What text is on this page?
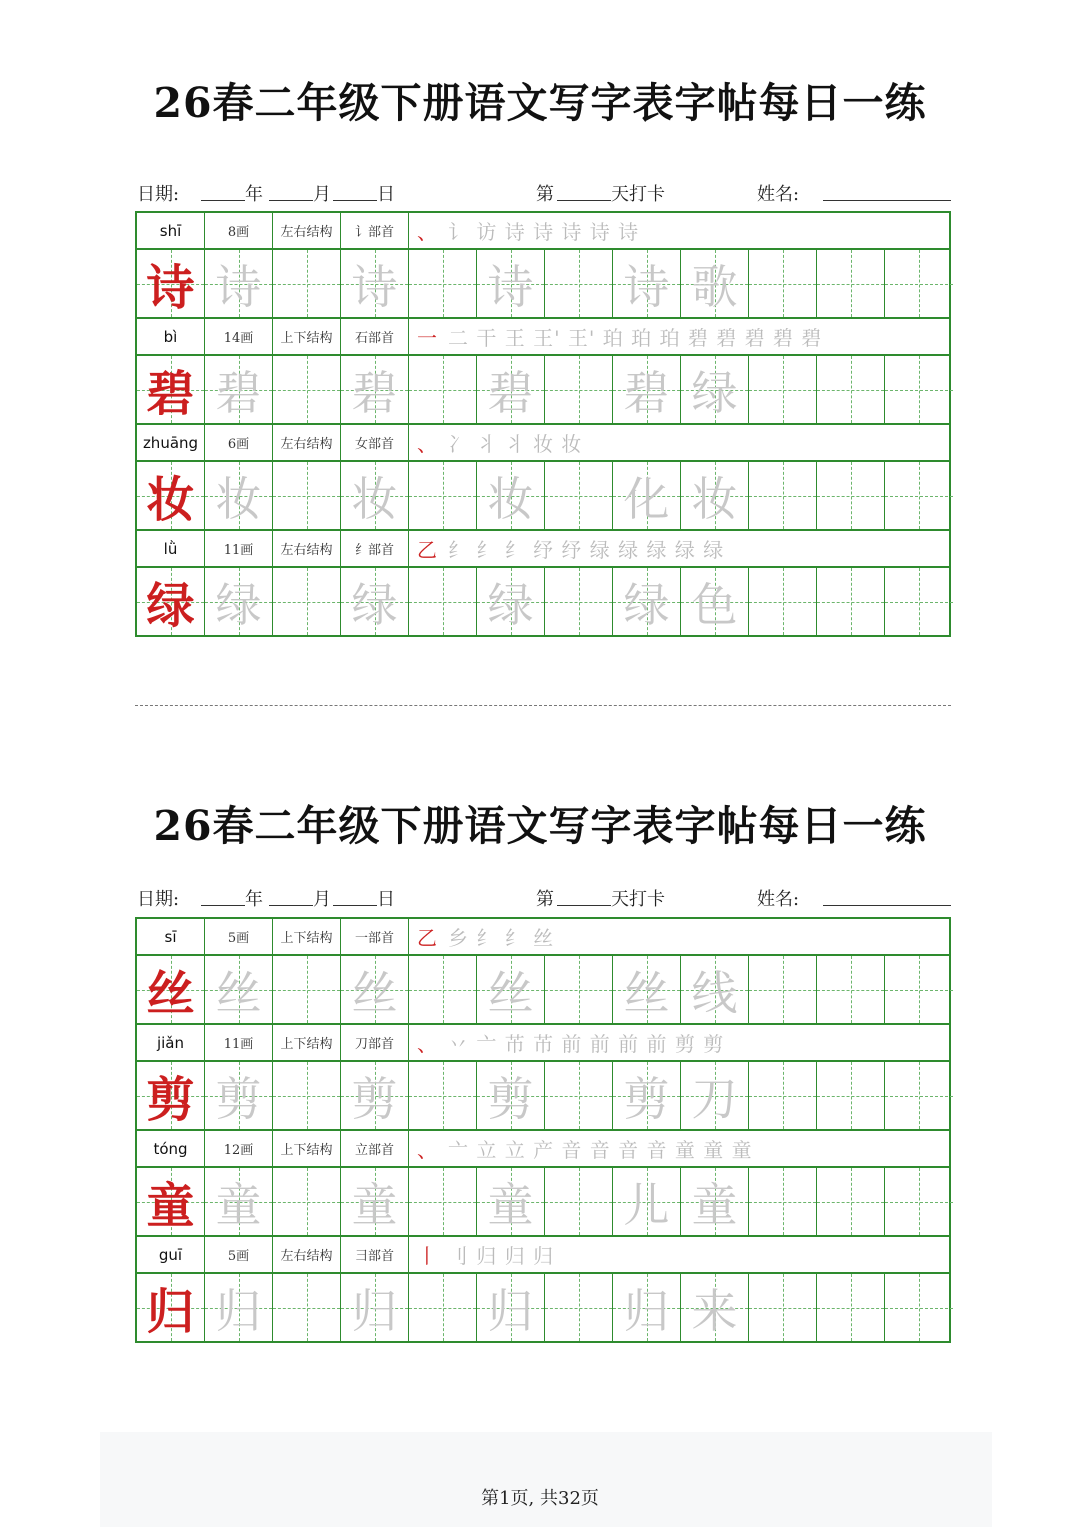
26春二年级下册语文写字表字帖每日一练
日期:	年	月	日	第	天打卡	姓名:
shī	8画	左右结构	讠部首	、 讠 访 诗 诗 诗 诗 诗
诗 诗 诗 诗 诗 歌
bì	14画	上下结构	石部首	一 二 干 王 王' 王' 珀 珀 珀 碧 碧 碧 碧 碧
碧 碧 碧 碧 碧 绿
zhuāng	6画	左右结构	女部首	、 冫 丬 丬 妆 妆
妆 妆 妆 妆 化 妆
lǜ	11画	左右结构	纟部首	乙 纟 纟 纟 纾 纾 绿 绿 绿 绿 绿
绿 绿 绿 绿 绿 色
26春二年级下册语文写字表字帖每日一练
日期:	年	月	日	第	天打卡	姓名:
sī	5画	上下结构	一部首	乙 乡 纟 纟 丝
丝 丝 丝 丝 丝 线
jiǎn	11画	上下结构	刀部首	、 丷 亠 芇 芇 前 前 前 前 剪 剪
剪 剪 剪 剪 剪 刀
tóng	12画	上下结构	立部首	、 亠 立 立 产 音 音 音 音 童 童 童
童 童 童 童 儿 童
guī	5画	左右结构	彐部首	丨 刂 归 归 归
归 归 归 归 归 来
第1页, 共32页
